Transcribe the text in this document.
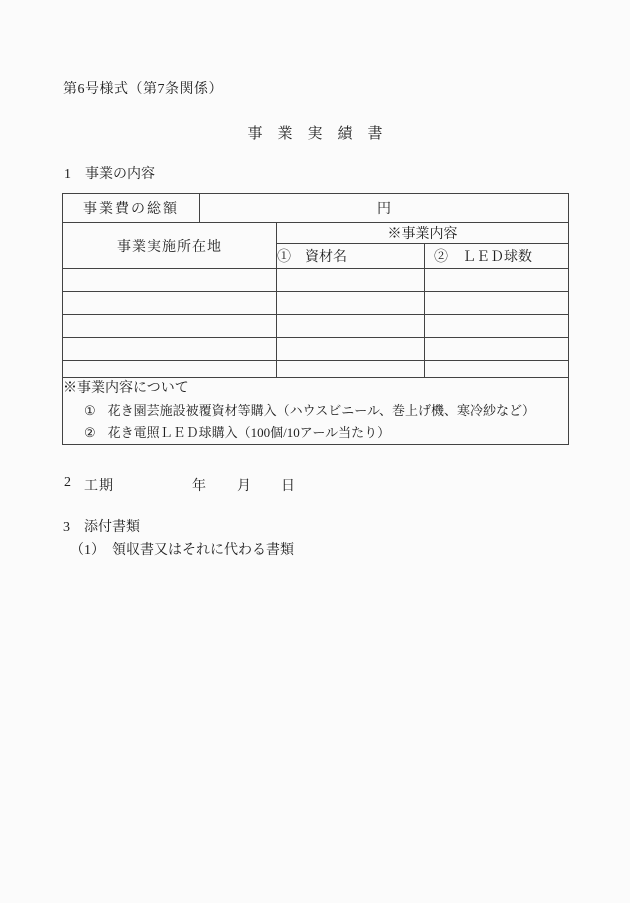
第6号様式（第7条関係）
事　業　実　績　書
1　事業の内容
事業費の総額	円		
事業実施所在地		※事業内容	
		①　資材名	②　ＬＥＤ球数

※事業内容について
① 花き園芸施設被覆資材等購入（ハウスビニール、巻上げ機、寒冷紗など）
② 花き電照ＬＥＤ球購入（100個/10アール当たり）			
2 工期	年 月 日
3　添付書類
（1）　領収書又はそれに代わる書類
